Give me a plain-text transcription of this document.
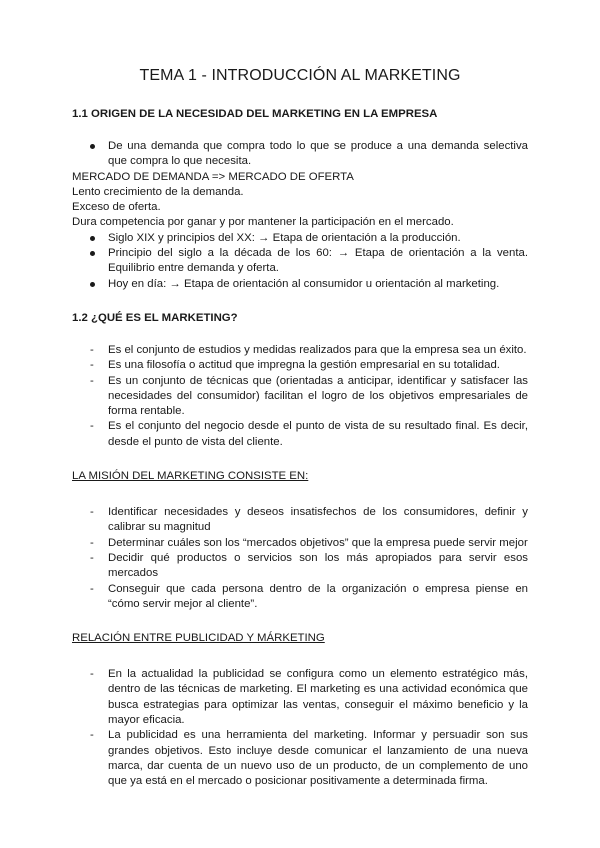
TEMA 1 - INTRODUCCIÓN AL MARKETING
1.1 ORIGEN DE LA NECESIDAD DEL MARKETING EN LA EMPRESA
De una demanda que compra todo lo que se produce a una demanda selectiva que compra lo que necesita.

MERCADO DE DEMANDA => MERCADO DE OFERTA

Lento crecimiento de la demanda.

Exceso de oferta.

Dura competencia por ganar y por mantener la participación en el mercado.

Siglo XIX y principios del XX: → Etapa de orientación a la producción.
Principio del siglo a la década de los 60: → Etapa de orientación a la venta. Equilibrio entre demanda y oferta.
Hoy en día: → Etapa de orientación al consumidor u orientación al marketing.
1.2 ¿QUÉ ES EL MARKETING?
Es el conjunto de estudios y medidas realizados para que la empresa sea un éxito.
Es una filosofía o actitud que impregna la gestión empresarial en su totalidad.
Es un conjunto de técnicas que (orientadas a anticipar, identificar y satisfacer las necesidades del consumidor) facilitan el logro de los objetivos empresariales de forma rentable.
Es el conjunto del negocio desde el punto de vista de su resultado final. Es decir, desde el punto de vista del cliente.
LA MISIÓN DEL MARKETING CONSISTE EN:
Identificar necesidades y deseos insatisfechos de los consumidores, definir y calibrar su magnitud
Determinar cuáles son los “mercados objetivos” que la empresa puede servir mejor
Decidir qué productos o servicios son los más apropiados para servir esos mercados
Conseguir que cada persona dentro de la organización o empresa piense en “cómo servir mejor al cliente”.
RELACIÓN ENTRE PUBLICIDAD Y MÁRKETING
En la actualidad la publicidad se configura como un elemento estratégico más, dentro de las técnicas de marketing. El marketing es una actividad económica que busca estrategias para optimizar las ventas, conseguir el máximo beneficio y la mayor eficacia.
La publicidad es una herramienta del marketing. Informar y persuadir son sus grandes objetivos. Esto incluye desde comunicar el lanzamiento de una nueva marca, dar cuenta de un nuevo uso de un producto, de un complemento de uno que ya está en el mercado o posicionar positivamente a determinada firma.
